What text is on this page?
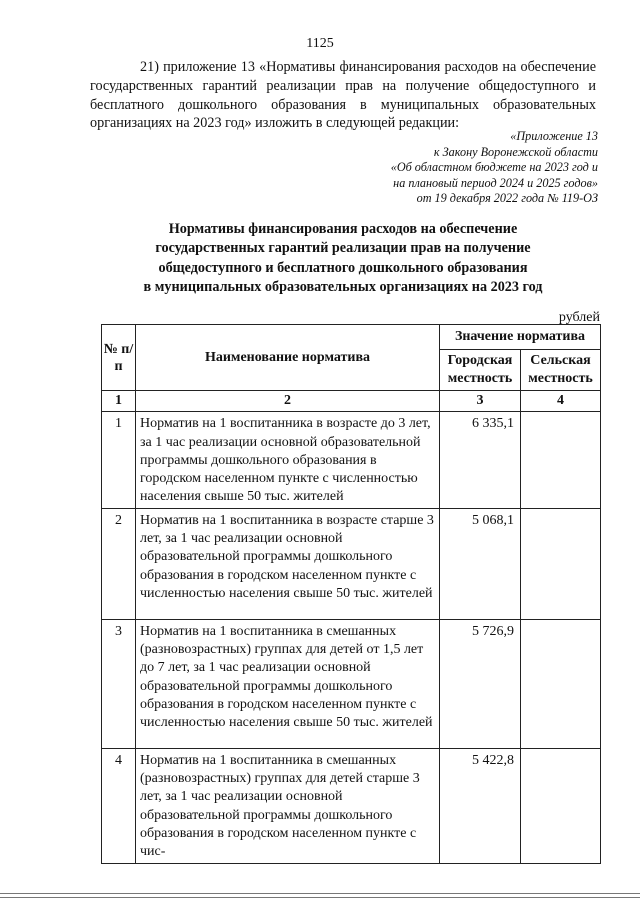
1125

21) приложение 13 «Нормативы финансирования расходов на обеспечение государственных гарантий реализации прав на получение общедоступного и бесплатного дошкольного образования в муниципальных образовательных организациях на 2023 год» изложить в следующей редакции:

«Приложение 13
к Закону Воронежской области
«Об областном бюджете на 2023 год и
на плановый период 2024 и 2025 годов»
от 19 декабря 2022 года № 119-ОЗ
Нормативы финансирования расходов на обеспечение
государственных гарантий реализации прав на получение
общедоступного и бесплатного дошкольного образования
в муниципальных образовательных организациях на 2023 год
рублей
№ п/п	Наименование норматива	Значение норматива	
		Городская местность	Сельская местность
1	2	3	4
1	Норматив на 1 воспитанника в возрасте до 3 лет, за 1 час реализации основной образовательной программы дошкольного образования в городском населенном пункте с численностью населения свыше 50 тыс. жителей	6 335,1	
2	Норматив на 1 воспитанника в возрасте старше 3 лет, за 1 час реализации основной образовательной программы дошкольного образования в городском населенном пункте с численностью населения свыше 50 тыс. жителей	5 068,1	
3	Норматив на 1 воспитанника в смешанных (разновозрастных) группах для детей от 1,5 лет до 7 лет, за 1 час реализации основной образовательной программы дошкольного образования в городском населенном пункте с численностью населения свыше 50 тыс. жителей	5 726,9	
4	Норматив на 1 воспитанника в смешанных (разновозрастных) группах для детей старше 3 лет, за 1 час реализации основной образовательной программы дошкольного образования в городском населенном пункте с чис-	5 422,8	
